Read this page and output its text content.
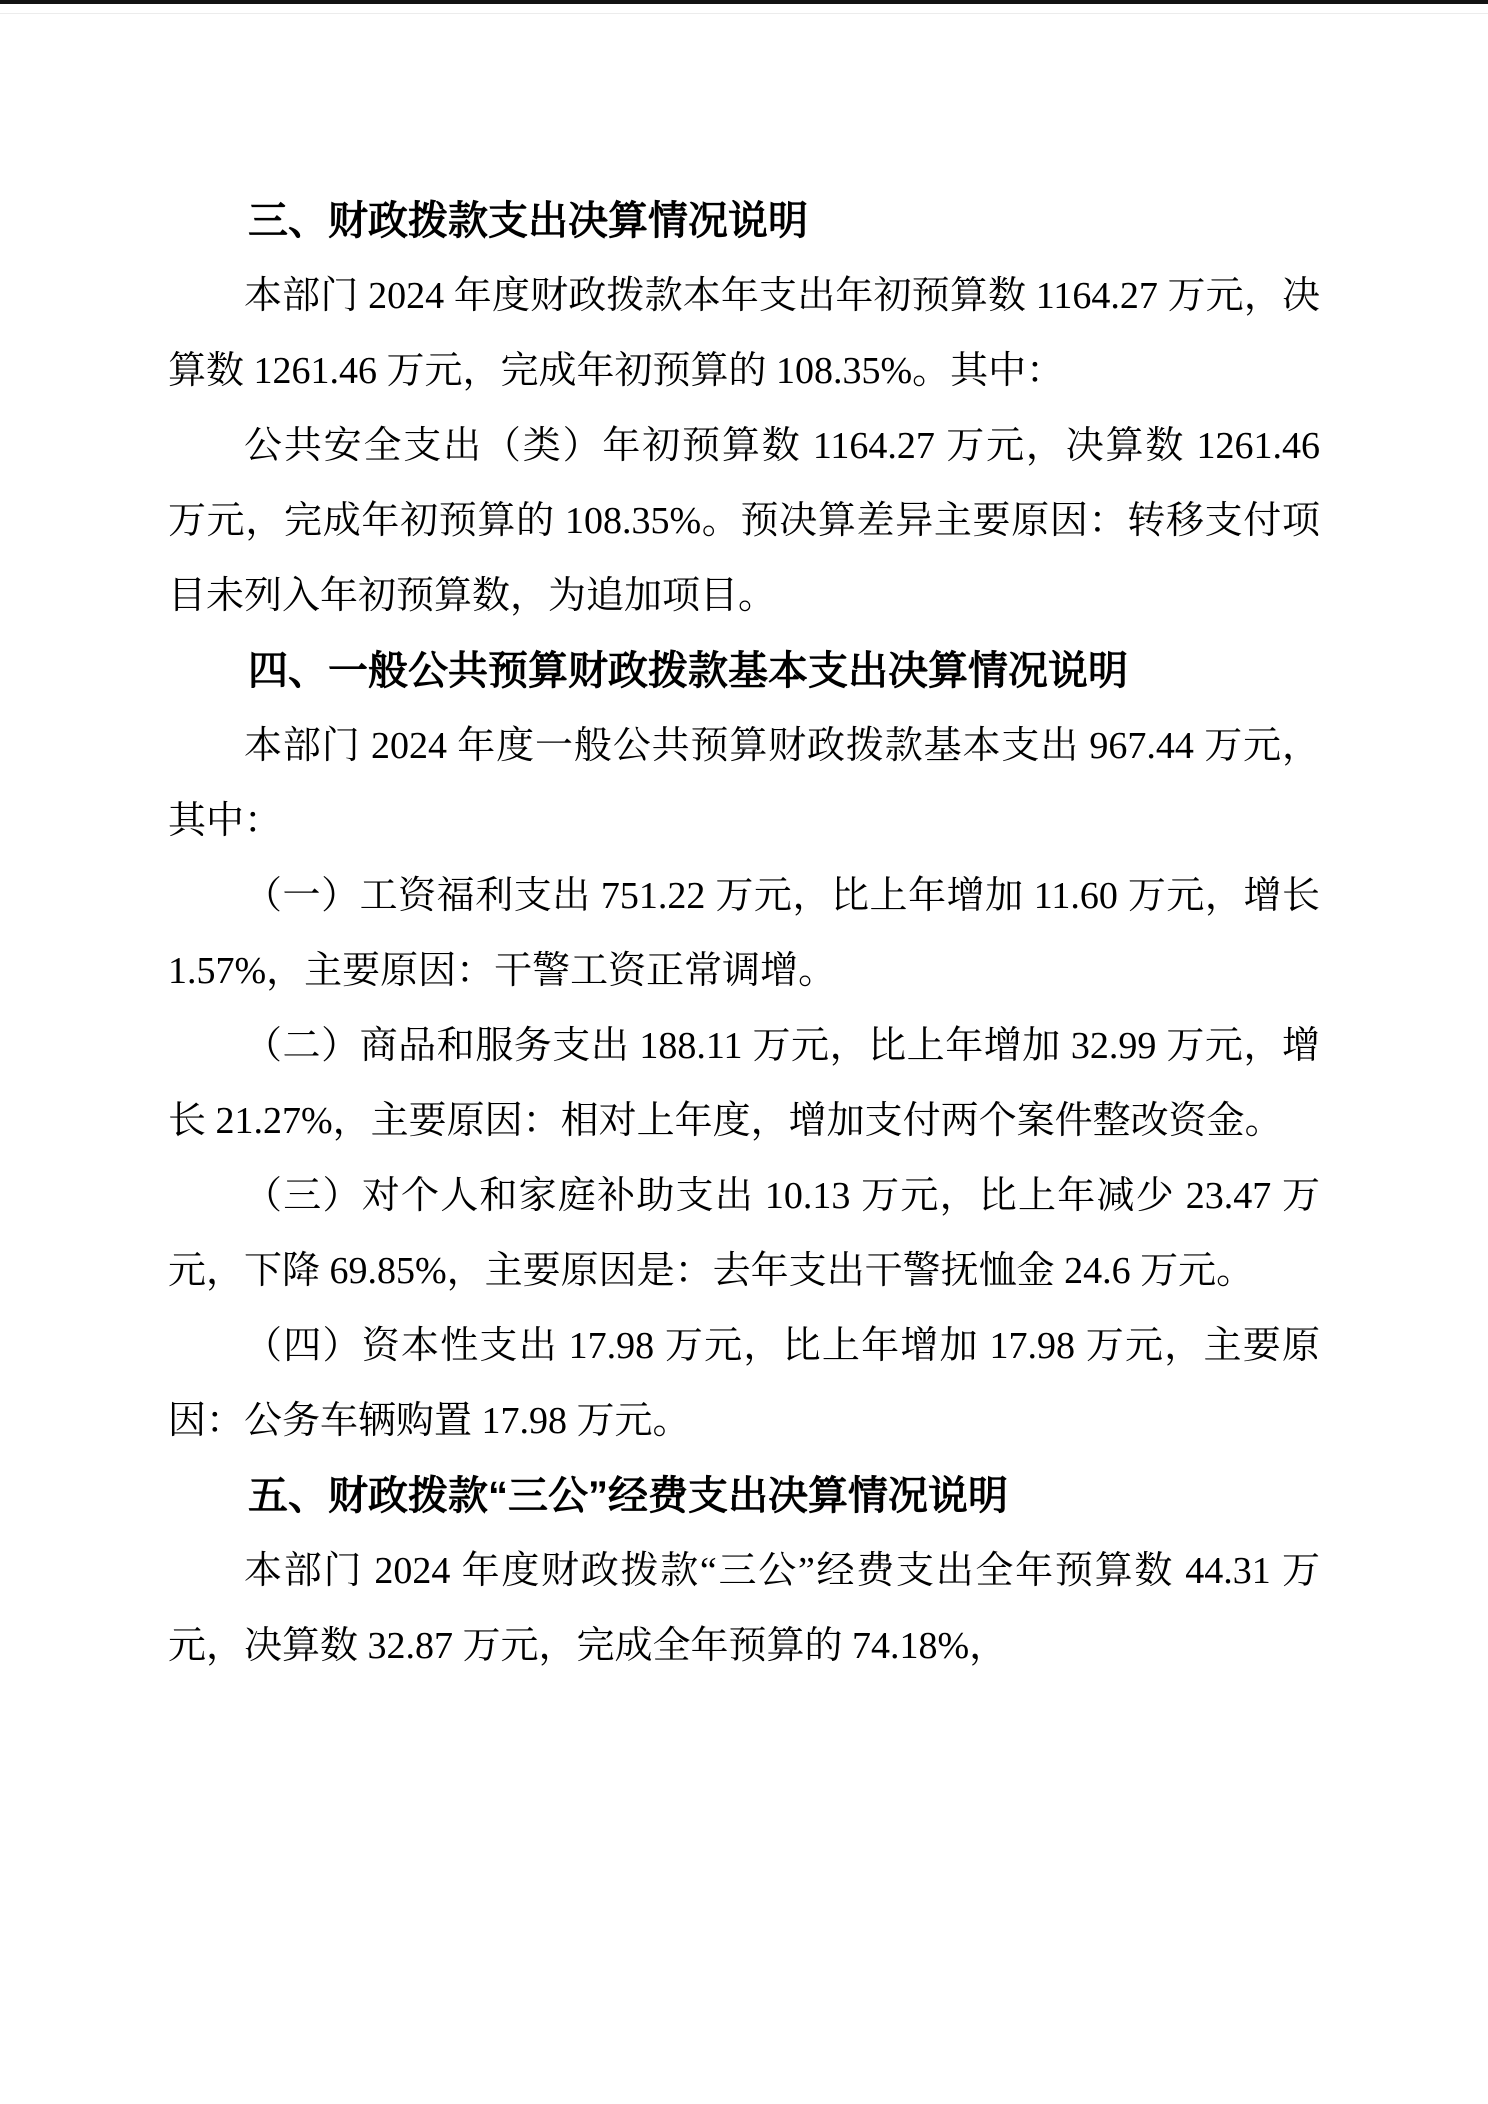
三、财政拨款支出决算情况说明

本部门 2024 年度财政拨款本年支出年初预算数 1164.27 万元，决算数 1261.46 万元，完成年初预算的 108.35%。其中：

公共安全支出（类）年初预算数 1164.27 万元，决算数 1261.46 万元，完成年初预算的 108.35%。预决算差异主要原因：转移支付项目未列入年初预算数，为追加项目。

四、一般公共预算财政拨款基本支出决算情况说明

本部门 2024 年度一般公共预算财政拨款基本支出 967.44 万元，其中：

（一）工资福利支出 751.22 万元，比上年增加 11.60 万元，增长 1.57%，主要原因：干警工资正常调增。

（二）商品和服务支出 188.11 万元，比上年增加 32.99 万元，增长 21.27%，主要原因：相对上年度，增加支付两个案件整改资金。

（三）对个人和家庭补助支出 10.13 万元，比上年减少 23.47 万元，下降 69.85%，主要原因是：去年支出干警抚恤金 24.6 万元。

（四）资本性支出 17.98 万元，比上年增加 17.98 万元，主要原因：公务车辆购置 17.98 万元。

五、财政拨款“三公”经费支出决算情况说明

本部门 2024 年度财政拨款“三公”经费支出全年预算数 44.31 万元，决算数 32.87 万元，完成全年预算的 74.18%，
